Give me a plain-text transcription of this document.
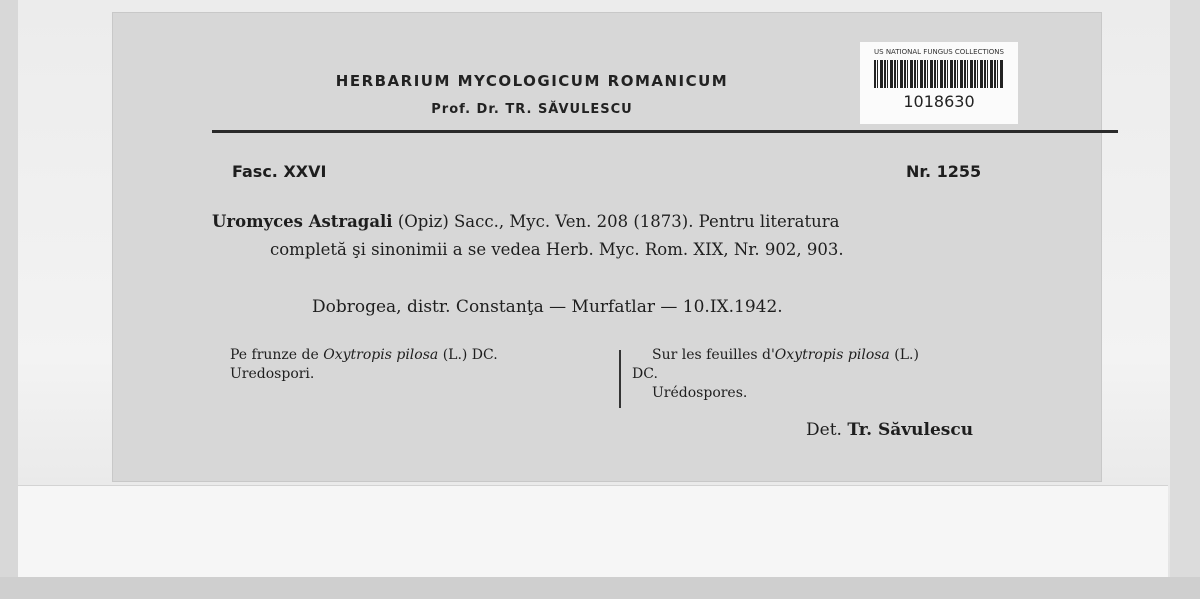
HERBARIUM MYCOLOGICUM ROMANICUM
Prof. Dr. TR. SĂVULESCU
US NATIONAL FUNGUS COLLECTIONS
1018630
Fasc. XXVI	Nr. 1255
Uromyces Astragali (Opiz) Sacc., Myc. Ven. 208 (1873). Pentru literatura
completă şi sinonimii a se vedea Herb. Myc. Rom. XIX, Nr. 902, 903.
Dobrogea, distr. Constanţa — Murfatlar — 10.IX.1942.
Pe frunze de Oxytropis pilosa (L.) DC.
Uredospori.
Sur les feuilles d'Oxytropis pilosa (L.)
DC.
Urédospores.
Det. Tr. Săvulescu
